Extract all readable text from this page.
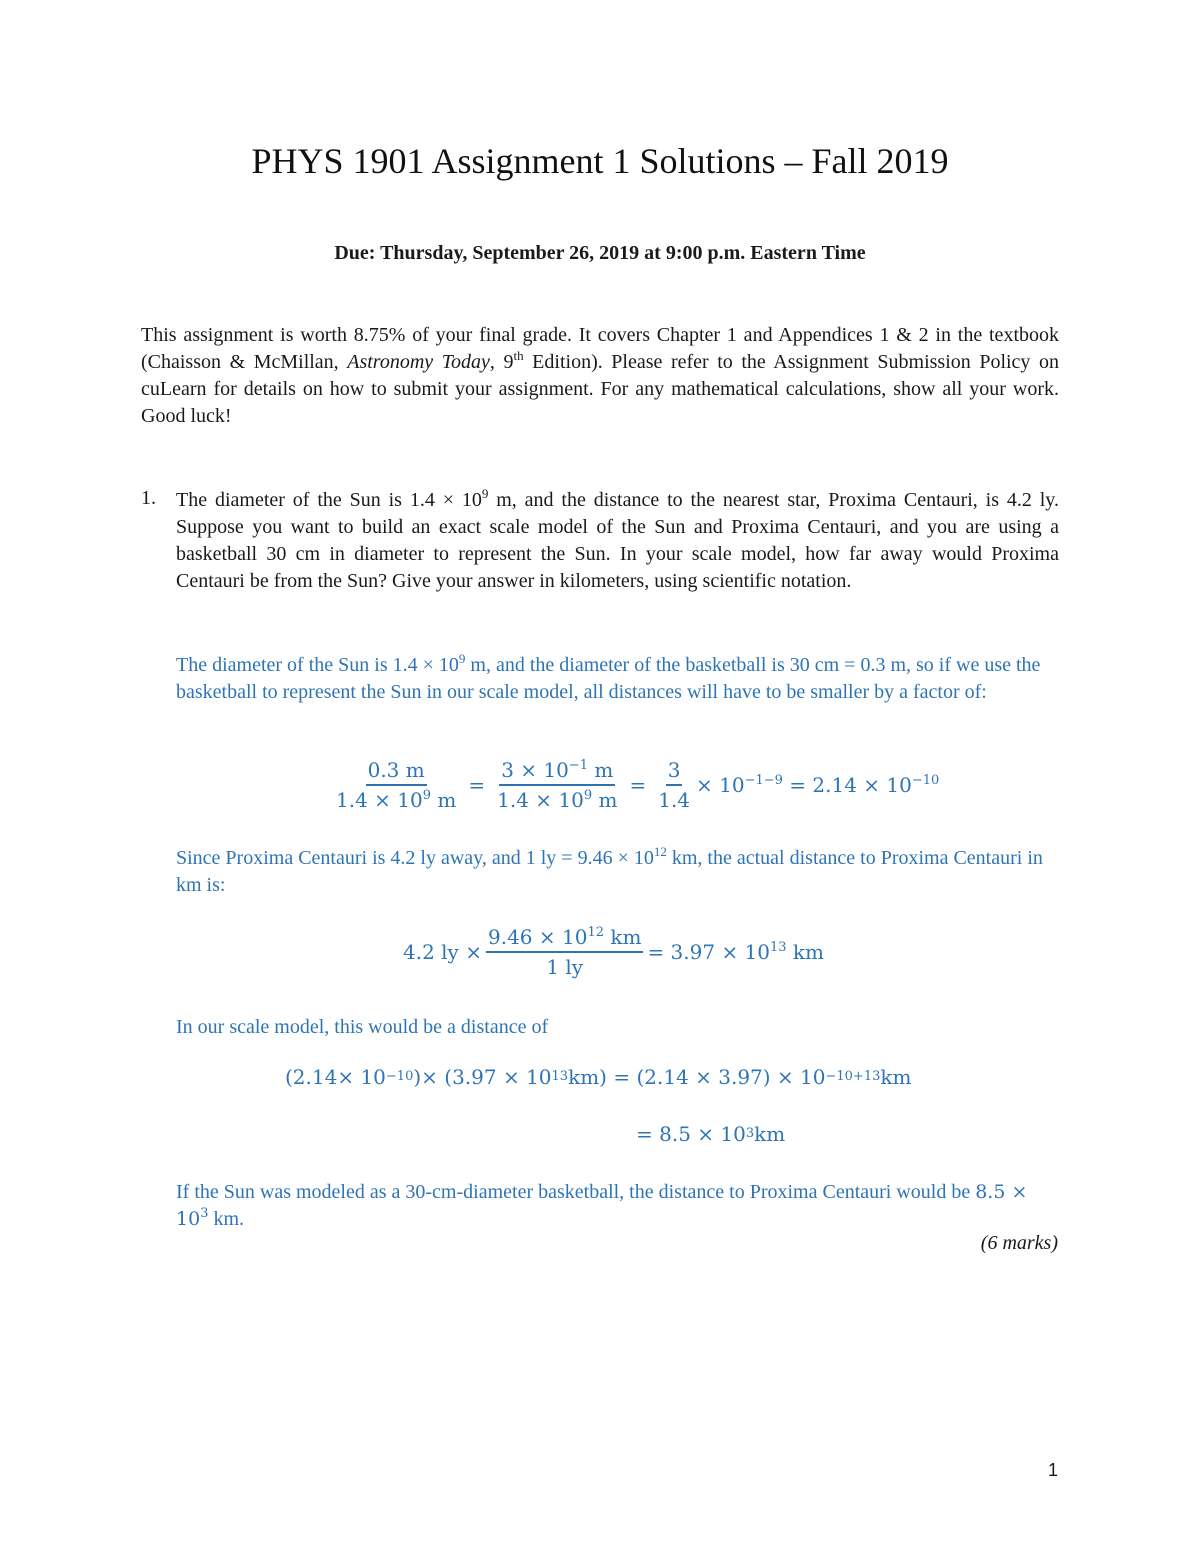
PHYS 1901 Assignment 1 Solutions – Fall 2019
Due: Thursday, September 26, 2019 at 9:00 p.m. Eastern Time
This assignment is worth 8.75% of your final grade. It covers Chapter 1 and Appendices 1 & 2 in the textbook (Chaisson & McMillan, Astronomy Today, 9th Edition). Please refer to the Assignment Submission Policy on cuLearn for details on how to submit your assignment. For any mathematical calculations, show all your work. Good luck!
1. The diameter of the Sun is $1.4 \times 10^9$ m, and the distance to the nearest star, Proxima Centauri, is 4.2 ly. Suppose you want to build an exact scale model of the Sun and Proxima Centauri, and you are using a basketball 30 cm in diameter to represent the Sun. In your scale model, how far away would Proxima Centauri be from the Sun? Give your answer in kilometers, using scientific notation.
The diameter of the Sun is $1.4 \times 10^9$ m, and the diameter of the basketball is 30 cm = 0.3 m, so if we use the basketball to represent the Sun in our scale model, all distances will have to be smaller by a factor of:
$\frac{0.3 m}{1.4 \times 10^9 m} = \frac{3 \times 10^{-1} m}{1.4 \times 10^9 m} = \frac{3}{1.4} \times 10^{-1-9} = 2.14 \times 10^{-10}$
Since Proxima Centauri is 4.2 ly away, and 1 ly = $9.46 \times 10^{12}$ km, the actual distance to Proxima Centauri in km is:
4.2 ly × $\frac{9.46 \times 10^{12} km}{1 ly} = 3.97 \times 10^{13}$ km
In our scale model, this would be a distance of
(2.14× 10 −10 )× (3.97 × 10 13 km) = (2.14 × 3.97) × 10 −10+13 km
= 8.5 × 10 3 km
If the Sun was modeled as a 30-cm-diameter basketball, the distance to Proxima Centauri would be $8.5 \times 10^3$ km.
(6 marks)
1
